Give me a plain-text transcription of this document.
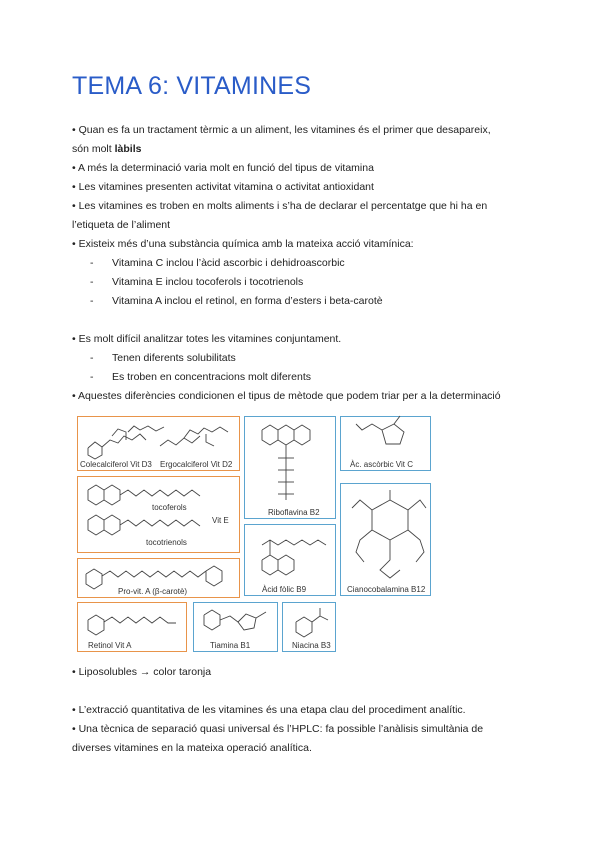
TEMA 6: VITAMINES
• Quan es fa un tractament tèrmic a un aliment, les vitamines és el primer que desapareix,
són molt làbils
• A més la determinació varia molt en funció del tipus de vitamina
• Les vitamines presenten activitat vitamina o activitat antioxidant
• Les vitamines es troben en molts aliments i s’ha de declarar el percentatge que hi ha en
l’etiqueta de l’aliment
• Existeix més d’una substància química amb la mateixa acció vitamínica:
- Vitamina C inclou l’àcid ascorbic i dehidroascorbic
- Vitamina E inclou tocoferols i tocotrienols
- Vitamina A inclou el retinol, en forma d’esters i beta-carotè
• Es molt difícil analitzar totes les vitamines conjuntament.
- Tenen diferents solubilitats
- Es troben en concentracions molt diferents
• Aquestes diferències condicionen el tipus de mètode que podem triar per a la determinació
Colecalciferol Vit D3 Ergocalciferol Vit D2
Riboflavina B2
Àc. ascòrbic Vit C
tocoferols
tocotrienols
Vit E
Àcid fòlic B9	Cianocobalamina B12
Pro-vit. A (β-carotè)
Retinol Vit A	Tiamina B1	Niacina B3
• Liposolubles → color taronja
• L’extracció quantitativa de les vitamines és una etapa clau del procediment analític.
• Una tècnica de separació quasi universal és l’HPLC: fa possible l’anàlisis simultània de
diverses vitamines en la mateixa operació analítica.
